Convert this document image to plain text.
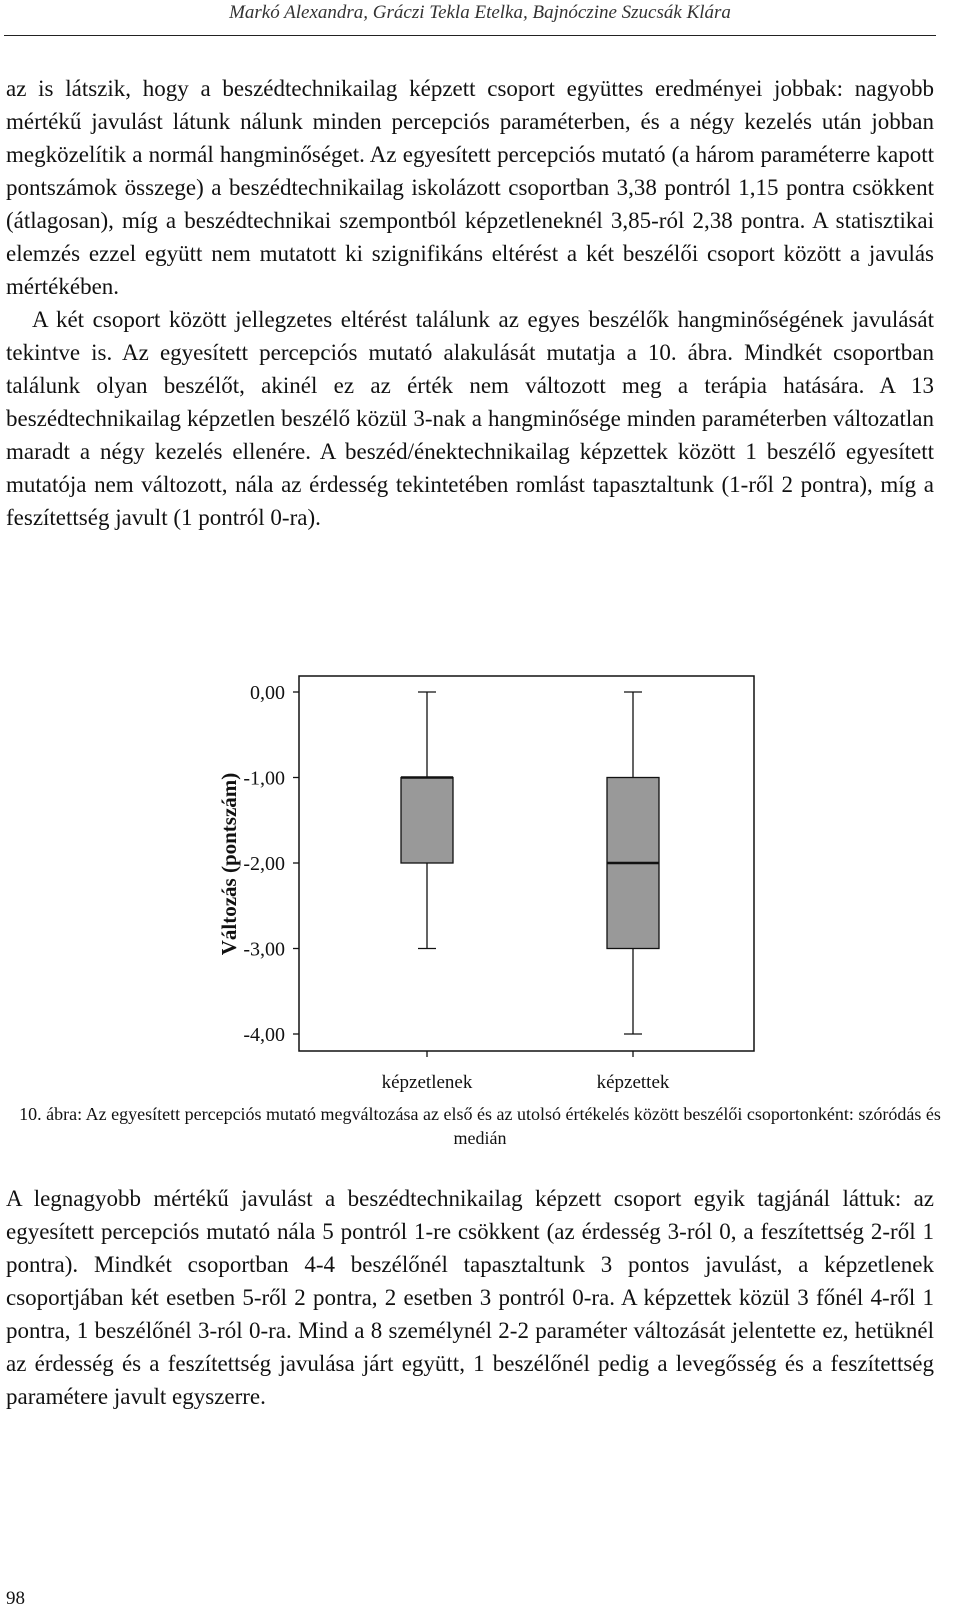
Markó Alexandra, Gráczi Tekla Etelka, Bajnóczine Szucsák Klára

az is látszik, hogy a beszédtechnikailag képzett csoport együttes eredményei jobbak: nagyobb mértékű javulást látunk nálunk minden percepciós paraméterben, és a négy kezelés után jobban megközelítik a normál hangminőséget. Az egyesített percepciós mutató (a három paraméterre kapott pontszámok összege) a beszédtechnikailag iskolázott csoportban 3,38 pontról 1,15 pontra csökkent (átlagosan), míg a beszédtechnikai szempontból képzetleneknél 3,85-ról 2,38 pontra. A statisztikai elemzés ezzel együtt nem mutatott ki szignifikáns eltérést a két beszélői csoport között a javulás mértékében.

A két csoport között jellegzetes eltérést találunk az egyes beszélők hangminőségének javulását tekintve is. Az egyesített percepciós mutató alakulását mutatja a 10. ábra. Mindkét csoportban találunk olyan beszélőt, akinél ez az érték nem változott meg a terápia hatására. A 13 beszédtechnikailag képzetlen beszélő közül 3-nak a hangminősége minden paraméterben változatlan maradt a négy kezelés ellenére. A beszéd/énektechnikailag képzettek között 1 beszélő egyesített mutatója nem változott, nála az érdesség tekintetében romlást tapasztaltunk (1-ről 2 pontra), míg a feszítettség javult (1 pontról 0-ra).

Változás (pontszám)
0,00
-1,00
-2,00
-3,00
-4,00
képzetlenek	képzettek
10. ábra: Az egyesített percepciós mutató megváltozása az első és az utolsó értékelés között beszélői csoportonként: szóródás és medián

A legnagyobb mértékű javulást a beszédtechnikailag képzett csoport egyik tagjánál láttuk: az egyesített percepciós mutató nála 5 pontról 1-re csökkent (az érdesség 3-ról 0, a feszítettség 2-ről 1 pontra). Mindkét csoportban 4-4 beszélőnél tapasztaltunk 3 pontos javulást, a képzetlenek csoportjában két esetben 5-ről 2 pontra, 2 esetben 3 pontról 0-ra. A képzettek közül 3 főnél 4-ről 1 pontra, 1 beszélőnél 3-ról 0-ra. Mind a 8 személynél 2-2 paraméter változását jelentette ez, hetüknél az érdesség és a feszítettség javulása járt együtt, 1 beszélőnél pedig a levegősség és a feszítettség paramétere javult egyszerre.

98
